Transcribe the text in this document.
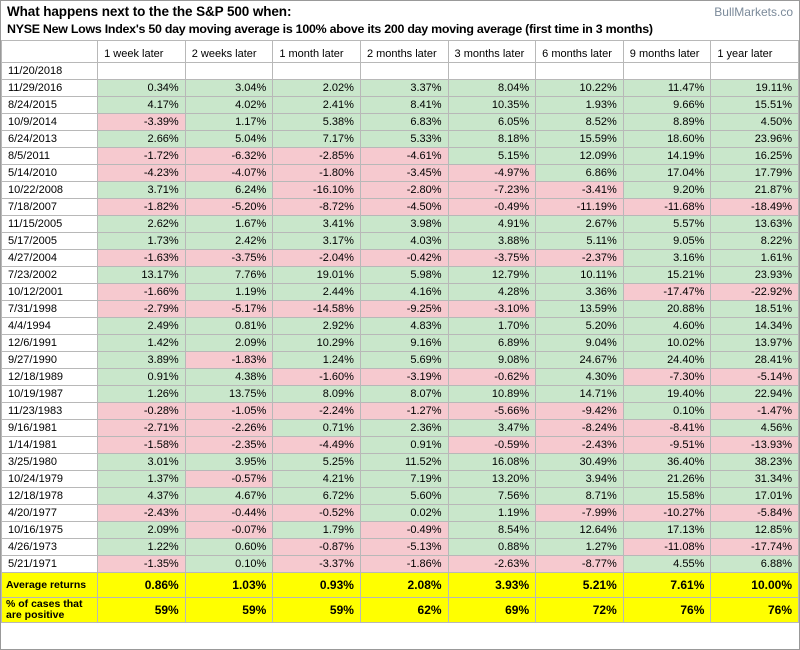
What happens next to the the S&P 500 when:	BullMarkets.co
NYSE New Lows Index's 50 day moving average is 100% above its 200 day moving average (first time in 3 months)
	1 week later	2 weeks later	1 month later	2 months later	3 months later	6 months later	9 months later	1 year later
11/20/2018								
11/29/2016	0.34%	3.04%	2.02%	3.37%	8.04%	10.22%	11.47%	19.11%
8/24/2015	4.17%	4.02%	2.41%	8.41%	10.35%	1.93%	9.66%	15.51%
10/9/2014	-3.39%	1.17%	5.38%	6.83%	6.05%	8.52%	8.89%	4.50%
6/24/2013	2.66%	5.04%	7.17%	5.33%	8.18%	15.59%	18.60%	23.96%
8/5/2011	-1.72%	-6.32%	-2.85%	-4.61%	5.15%	12.09%	14.19%	16.25%
5/14/2010	-4.23%	-4.07%	-1.80%	-3.45%	-4.97%	6.86%	17.04%	17.79%
10/22/2008	3.71%	6.24%	-16.10%	-2.80%	-7.23%	-3.41%	9.20%	21.87%
7/18/2007	-1.82%	-5.20%	-8.72%	-4.50%	-0.49%	-11.19%	-11.68%	-18.49%
11/15/2005	2.62%	1.67%	3.41%	3.98%	4.91%	2.67%	5.57%	13.63%
5/17/2005	1.73%	2.42%	3.17%	4.03%	3.88%	5.11%	9.05%	8.22%
4/27/2004	-1.63%	-3.75%	-2.04%	-0.42%	-3.75%	-2.37%	3.16%	1.61%
7/23/2002	13.17%	7.76%	19.01%	5.98%	12.79%	10.11%	15.21%	23.93%
10/12/2001	-1.66%	1.19%	2.44%	4.16%	4.28%	3.36%	-17.47%	-22.92%
7/31/1998	-2.79%	-5.17%	-14.58%	-9.25%	-3.10%	13.59%	20.88%	18.51%
4/4/1994	2.49%	0.81%	2.92%	4.83%	1.70%	5.20%	4.60%	14.34%
12/6/1991	1.42%	2.09%	10.29%	9.16%	6.89%	9.04%	10.02%	13.97%
9/27/1990	3.89%	-1.83%	1.24%	5.69%	9.08%	24.67%	24.40%	28.41%
12/18/1989	0.91%	4.38%	-1.60%	-3.19%	-0.62%	4.30%	-7.30%	-5.14%
10/19/1987	1.26%	13.75%	8.09%	8.07%	10.89%	14.71%	19.40%	22.94%
11/23/1983	-0.28%	-1.05%	-2.24%	-1.27%	-5.66%	-9.42%	0.10%	-1.47%
9/16/1981	-2.71%	-2.26%	0.71%	2.36%	3.47%	-8.24%	-8.41%	4.56%
1/14/1981	-1.58%	-2.35%	-4.49%	0.91%	-0.59%	-2.43%	-9.51%	-13.93%
3/25/1980	3.01%	3.95%	5.25%	11.52%	16.08%	30.49%	36.40%	38.23%
10/24/1979	1.37%	-0.57%	4.21%	7.19%	13.20%	3.94%	21.26%	31.34%
12/18/1978	4.37%	4.67%	6.72%	5.60%	7.56%	8.71%	15.58%	17.01%
4/20/1977	-2.43%	-0.44%	-0.52%	0.02%	1.19%	-7.99%	-10.27%	-5.84%
10/16/1975	2.09%	-0.07%	1.79%	-0.49%	8.54%	12.64%	17.13%	12.85%
4/26/1973	1.22%	0.60%	-0.87%	-5.13%	0.88%	1.27%	-11.08%	-17.74%
5/21/1971	-1.35%	0.10%	-3.37%	-1.86%	-2.63%	-8.77%	4.55%	6.88%
Average returns	0.86%	1.03%	0.93%	2.08%	3.93%	5.21%	7.61%	10.00%
% of cases that are positive	59%	59%	59%	62%	69%	72%	76%	76%
